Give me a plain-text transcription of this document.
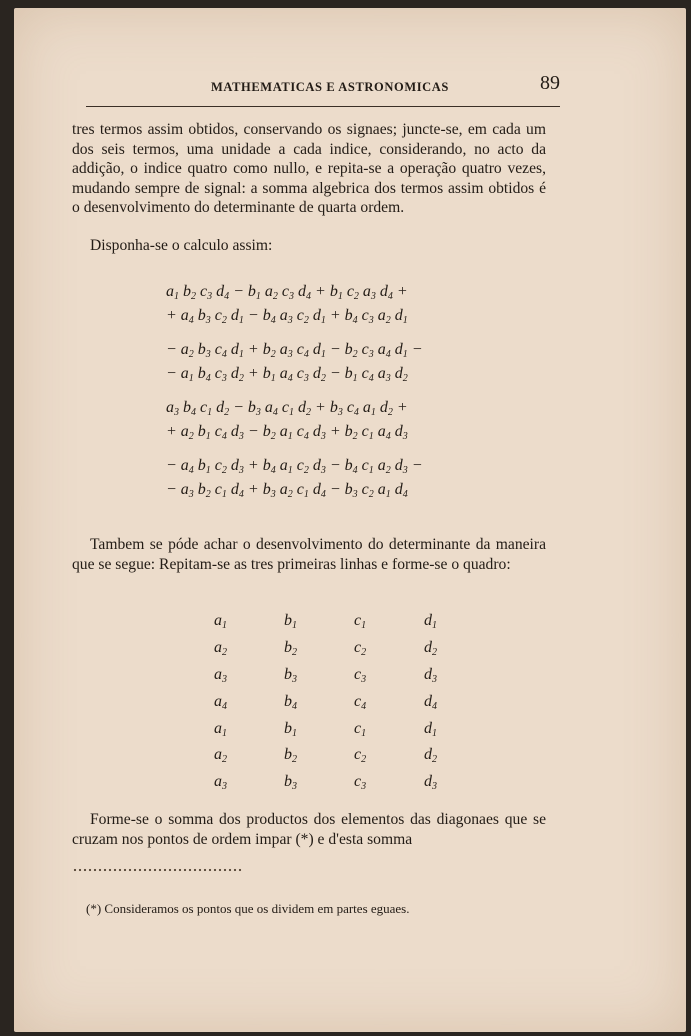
MATHEMATICAS E ASTRONOMICAS	89
tres termos assim obtidos, conservando os signaes; juncte-se, em cada um dos seis termos, uma unidade a cada indice, considerando, no acto da addição, o indice quatro como nullo, e repita-se a operação quatro vezes, mudando sempre de signal: a somma algebrica dos termos assim obtidos é o desenvolvimento do determinante de quarta ordem.
Disponha-se o calculo assim:
$a_1$ $b_2$ $c_3$ $d_4 - b_1$ $a_2$ $c_3$ $d_4 + b_1$ $c_2$ $a_3$ $d_4$ +
+ $a_4$ $b_3$ $c_2$ $d_1 - b_4$ $a_3$ $c_2$ $d_1 + b_4$ $c_3$ $a_2$ $d_1$
− $a_2$ $b_3$ $c_4$ $d_1 + b_2$ $a_3$ $c_4$ $d_1 - b_2$ $c_3$ $a_4$ $d_1$ −
− $a_1$ $b_4$ $c_3$ $d_2 + b_1$ $a_4$ $c_3$ $d_2 - b_1$ $c_4$ $a_3$ $d_2$
$a_3$ $b_4$ $c_1$ $d_2 - b_3$ $a_4$ $c_1$ $d_2 + b_3$ $c_4$ $a_1$ $d_2$ +
+ $a_2$ $b_1$ $c_4$ $d_3 - b_2$ $a_1$ $c_4$ $d_3 + b_2$ $c_1$ $a_4$ $d_3$
− $a_4$ $b_1$ $c_2$ $d_3 + b_4$ $a_1$ $c_2$ $d_3 - b_4$ $c_1$ $a_2$ $d_3$ −
− $a_3$ $b_2$ $c_1$ $d_4 + b_3$ $a_2$ $c_1$ $d_4 - b_3$ $c_2$ $a_1$ $d_4$
Tambem se póde achar o desenvolvimento do determinante da maneira que se segue: Repitam-se as tres primeiras linhas e forme-se o quadro:
$a_1$	$b_1$	$c_1$	$d_1$
$a_2$	$b_2$	$c_2$	$d_2$
$a_3$	$b_3$	$c_3$	$d_3$
$a_4$	$b_4$	$c_4$	$d_4$
$a_1$	$b_1$	$c_1$	$d_1$
$a_2$	$b_2$	$c_2$	$d_2$
$a_3$	$b_3$	$c_3$	$d_3$
Forme-se o somma dos productos dos elementos das diagonaes que se cruzam nos pontos de ordem impar (*) e d'esta somma
(*) Consideramos os pontos que os dividem em partes eguaes.
